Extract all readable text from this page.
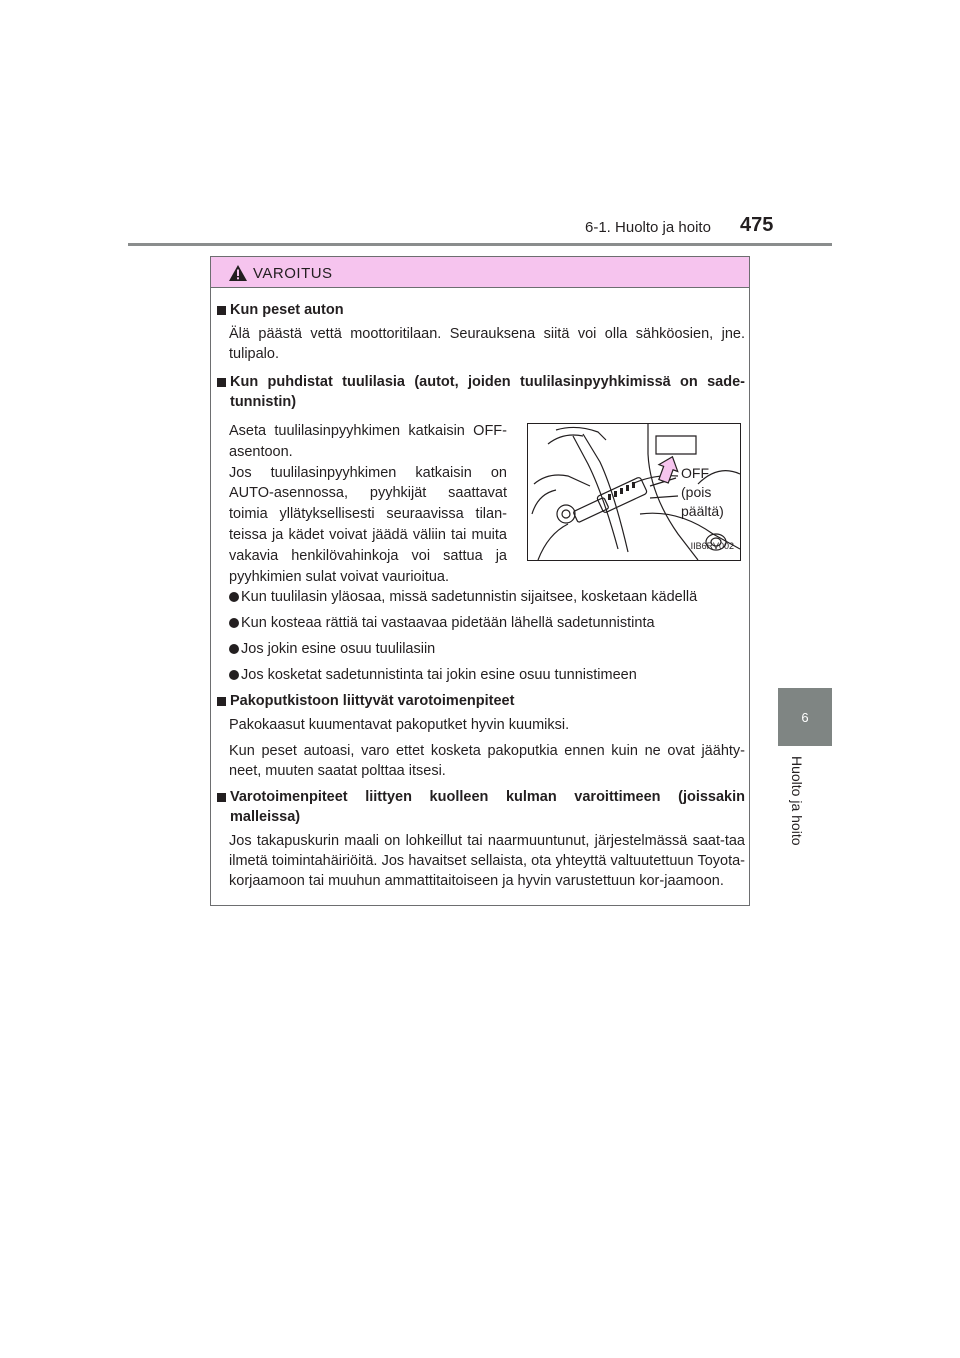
6-1. Huolto ja hoito 475
6
Huolto ja hoito
VAROITUS
Kun peset auton
Älä päästä vettä moottoritilaan. Seurauksena siitä voi olla sähköosien, jne. tulipalo.
Kun puhdistat tuulilasia (autot, joiden tuulilasinpyyhkimissä on sade-tunnistin)
Aseta tuulilasinpyyhkimen katkaisin OFF-asentoon.
Jos tuulilasinpyyhkimen katkaisin on AUTO-asennossa, pyyhkijät saattavat toimia yllätyksellisesti seuraavissa tilan-teissa ja kädet voivat jäädä väliin tai muita vakavia henkilövahinkoja voi sattua ja pyyhkimien sulat voivat vaurioitua.
OFF
(pois
päältä)
IIB6RV002
Kun tuulilasin yläosaa, missä sadetunnistin sijaitsee, kosketaan kädellä
Kun kosteaa rättiä tai vastaavaa pidetään lähellä sadetunnistinta
Jos jokin esine osuu tuulilasiin
Jos kosketat sadetunnistinta tai jokin esine osuu tunnistimeen
Pakoputkistoon liittyvät varotoimenpiteet
Pakokaasut kuumentavat pakoputket hyvin kuumiksi.
Kun peset autoasi, varo ettet kosketa pakoputkia ennen kuin ne ovat jäähty-neet, muuten saatat polttaa itsesi.
Varotoimenpiteet liittyen kuolleen kulman varoittimeen (joissakin malleissa)
Jos takapuskurin maali on lohkeillut tai naarmuuntunut, järjestelmässä saat-taa ilmetä toimintahäiriöitä. Jos havaitset sellaista, ota yhteyttä valtuutettuun Toyota-korjaamoon tai muuhun ammattitaitoiseen ja hyvin varustettuun kor-jaamoon.
